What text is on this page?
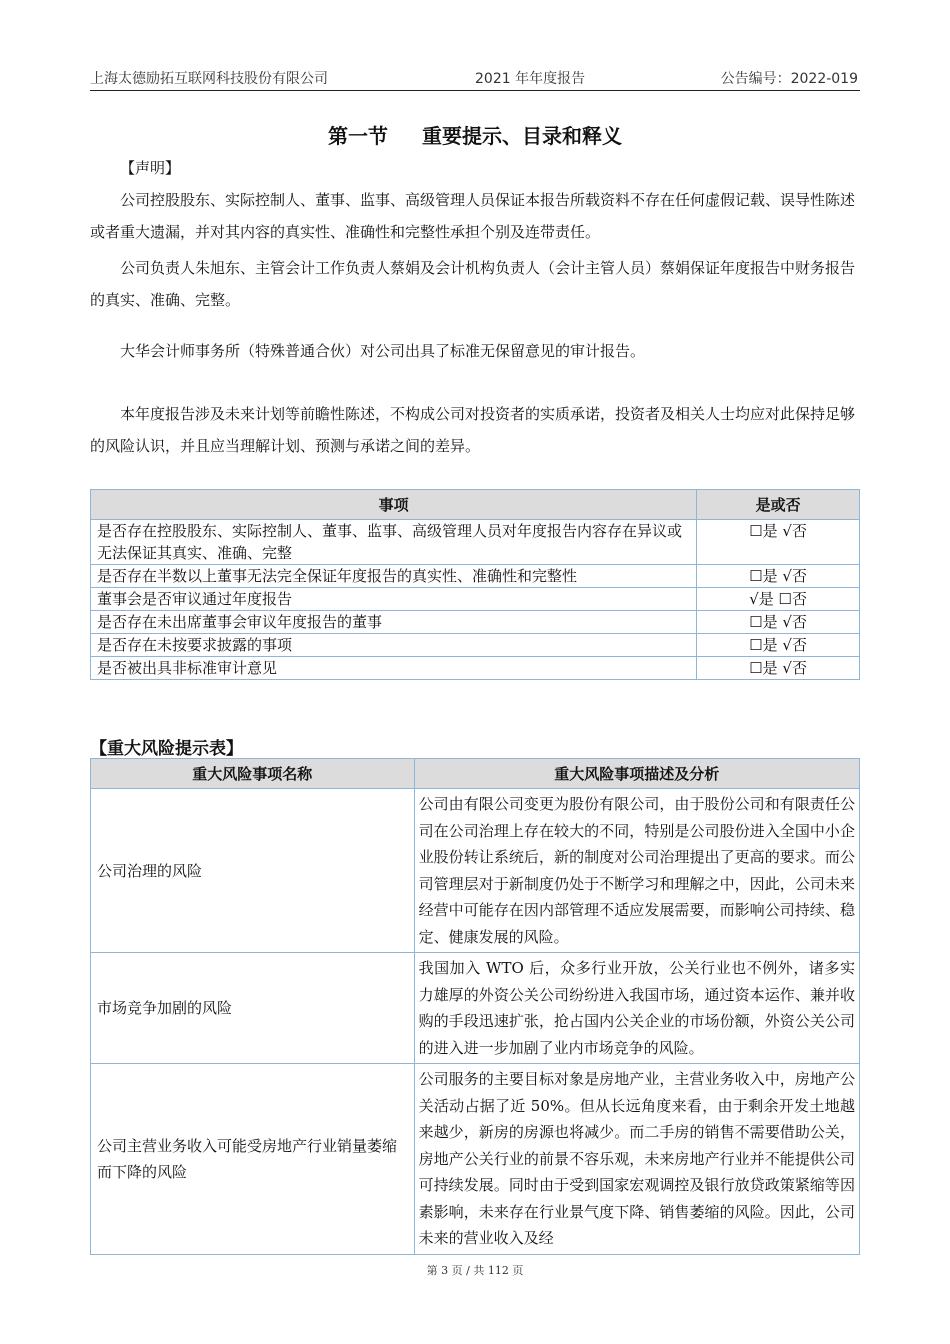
上海太德励拓互联网科技股份有限公司	2021 年年度报告	公告编号：2022-019
第一节 重要提示、目录和释义
【声明】
公司控股股东、实际控制人、董事、监事、高级管理人员保证本报告所载资料不存在任何虚假记载、误导性陈述或者重大遗漏，并对其内容的真实性、准确性和完整性承担个别及连带责任。
公司负责人朱旭东、主管会计工作负责人蔡娟及会计机构负责人（会计主管人员）蔡娟保证年度报告中财务报告的真实、准确、完整。
大华会计师事务所（特殊普通合伙）对公司出具了标准无保留意见的审计报告。
本年度报告涉及未来计划等前瞻性陈述，不构成公司对投资者的实质承诺，投资者及相关人士均应对此保持足够的风险认识，并且应当理解计划、预测与承诺之间的差异。
事项	是或否
是否存在控股股东、实际控制人、董事、监事、高级管理人员对年度报告内容存在异议或无法保证其真实、准确、完整	☐是 √否
是否存在半数以上董事无法完全保证年度报告的真实性、准确性和完整性	☐是 √否
董事会是否审议通过年度报告	√是 ☐否
是否存在未出席董事会审议年度报告的董事	☐是 √否
是否存在未按要求披露的事项	☐是 √否
是否被出具非标准审计意见	☐是 √否
【重大风险提示表】
重大风险事项名称	重大风险事项描述及分析
公司治理的风险	公司由有限公司变更为股份有限公司，由于股份公司和有限责任公司在公司治理上存在较大的不同，特别是公司股份进入全国中小企业股份转让系统后，新的制度对公司治理提出了更高的要求。而公司管理层对于新制度仍处于不断学习和理解之中，因此，公司未来经营中可能存在因内部管理不适应发展需要，而影响公司持续、稳定、健康发展的风险。
市场竞争加剧的风险	我国加入 WTO 后，众多行业开放，公关行业也不例外，诸多实力雄厚的外资公关公司纷纷进入我国市场，通过资本运作、兼并收购的手段迅速扩张，抢占国内公关企业的市场份额，外资公关公司的进入进一步加剧了业内市场竞争的风险。
公司主营业务收入可能受房地产行业销量萎缩而下降的风险	公司服务的主要目标对象是房地产业，主营业务收入中，房地产公关活动占据了近 50%。但从长远角度来看，由于剩余开发土地越来越少，新房的房源也将减少。而二手房的销售不需要借助公关，房地产公关行业的前景不容乐观，未来房地产行业并不能提供公司可持续发展。同时由于受到国家宏观调控及银行放贷政策紧缩等因素影响，未来存在行业景气度下降、销售萎缩的风险。因此，公司未来的营业收入及经
第 3 页 / 共 112 页
